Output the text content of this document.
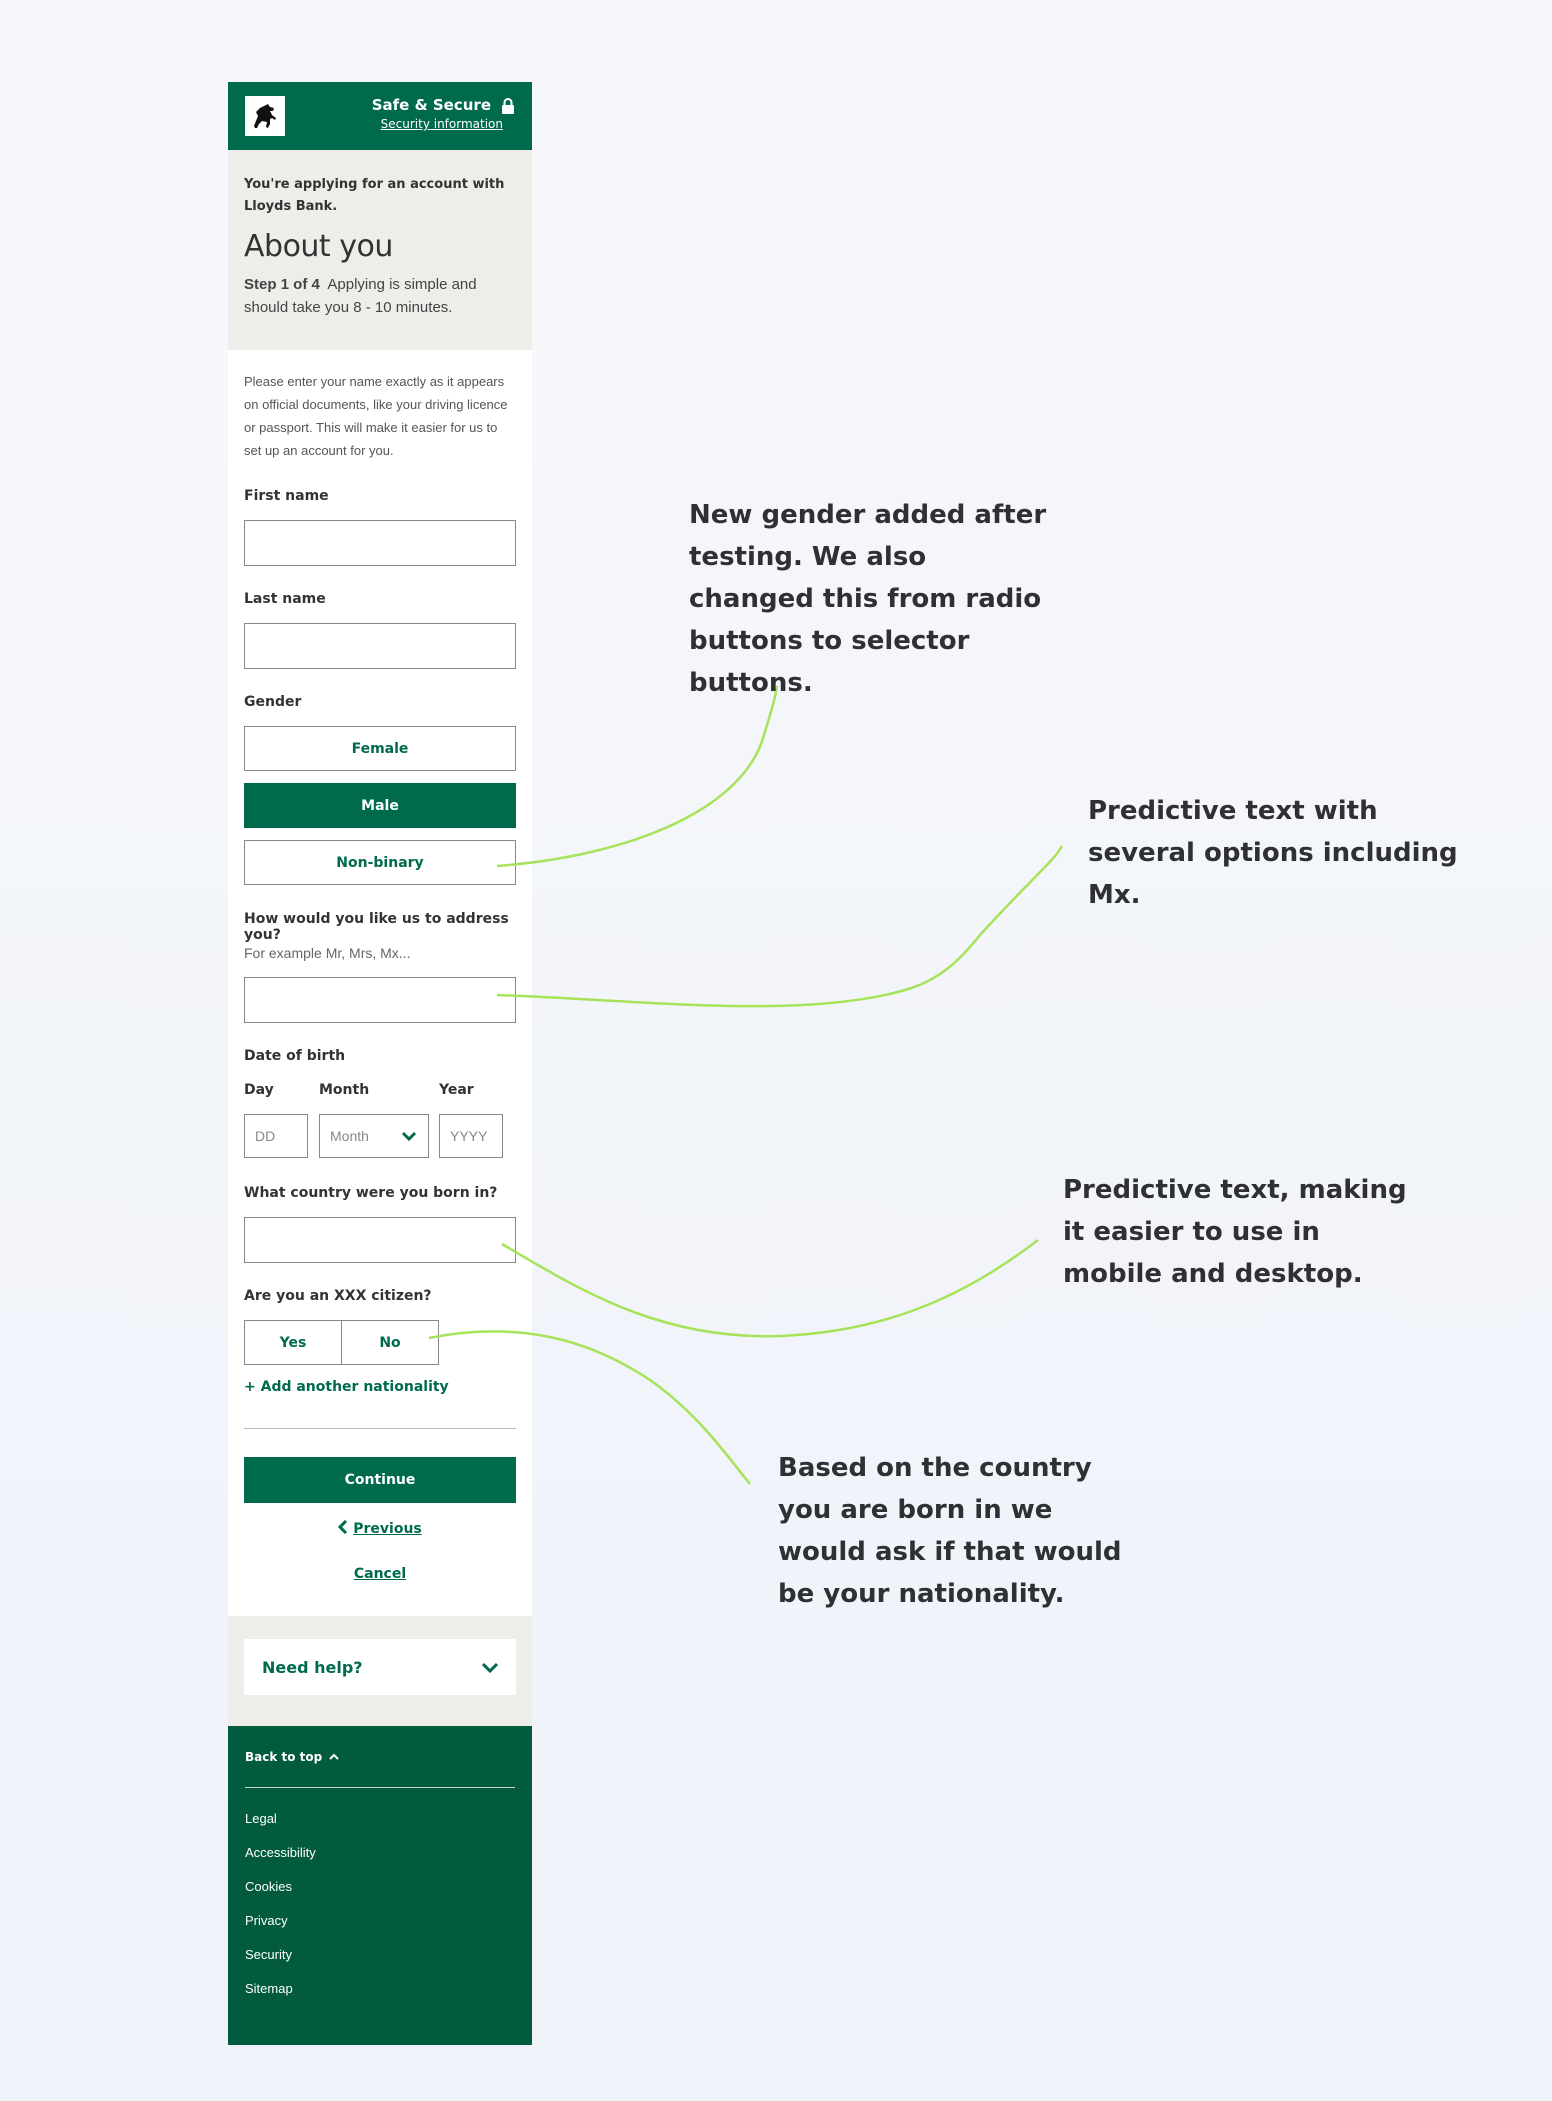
Safe & Secure
Security information
You're applying for an account with Lloyds Bank.
About you
Step 1 of 4 Applying is simple and should take you 8 - 10 minutes.
Please enter your name exactly as it appears on official documents, like your driving licence or passport. This will make it easier for us to set up an account for you.
First name
Last name
Gender
Female
Male
Non-binary
How would you like us to address you?
For example Mr, Mrs, Mx...
Date of birth
Day	Month	Year
DD	Month	YYYY
What country were you born in?
Are you an XXX citizen?
Yes	No
+ Add another nationality
Continue
Previous
Cancel
Need help?
Back to top
Legal
Accessibility
Cookies
Privacy
Security
Sitemap
New gender added after testing. We also changed this from radio buttons to selector buttons.
Predictive text with several options including Mx.
Predictive text, making it easier to use in mobile and desktop.
Based on the country you are born in we would ask if that would be your nationality.
